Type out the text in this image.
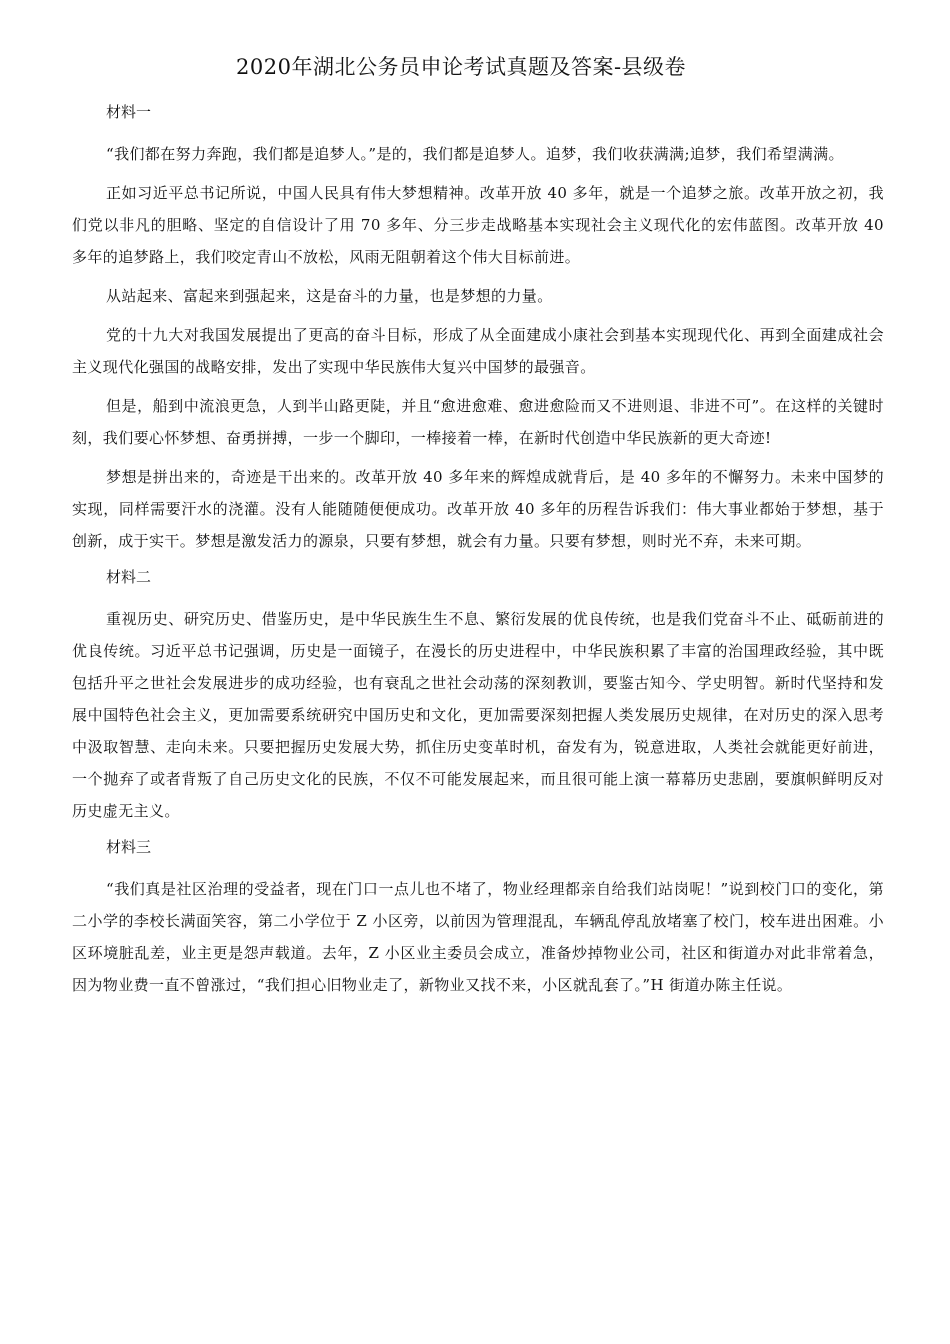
2020年湖北公务员申论考试真题及答案-县级卷
材料一

“我们都在努力奔跑，我们都是追梦人。”是的，我们都是追梦人。追梦，我们收获满满;追梦，我们希望满满。

正如习近平总书记所说，中国人民具有伟大梦想精神。改革开放 40 多年，就是一个追梦之旅。改革开放之初，我们党以非凡的胆略、坚定的自信设计了用 70 多年、分三步走战略基本实现社会主义现代化的宏伟蓝图。改革开放 40 多年的追梦路上，我们咬定青山不放松，风雨无阻朝着这个伟大目标前进。

从站起来、富起来到强起来，这是奋斗的力量，也是梦想的力量。

党的十九大对我国发展提出了更高的奋斗目标，形成了从全面建成小康社会到基本实现现代化、再到全面建成社会主义现代化强国的战略安排，发出了实现中华民族伟大复兴中国梦的最强音。

但是，船到中流浪更急，人到半山路更陡，并且“愈进愈难、愈进愈险而又不进则退、非进不可”。在这样的关键时刻，我们要心怀梦想、奋勇拼搏，一步一个脚印，一棒接着一棒，在新时代创造中华民族新的更大奇迹!

梦想是拼出来的，奇迹是干出来的。改革开放 40 多年来的辉煌成就背后，是 40 多年的不懈努力。未来中国梦的实现，同样需要汗水的浇灌。没有人能随随便便成功。改革开放 40 多年的历程告诉我们：伟大事业都始于梦想，基于创新，成于实干。梦想是激发活力的源泉，只要有梦想，就会有力量。只要有梦想，则时光不弃，未来可期。

材料二

重视历史、研究历史、借鉴历史，是中华民族生生不息、繁衍发展的优良传统，也是我们党奋斗不止、砥砺前进的优良传统。习近平总书记强调，历史是一面镜子，在漫长的历史进程中，中华民族积累了丰富的治国理政经验，其中既包括升平之世社会发展进步的成功经验，也有衰乱之世社会动荡的深刻教训，要鉴古知今、学史明智。新时代坚持和发展中国特色社会主义，更加需要系统研究中国历史和文化，更加需要深刻把握人类发展历史规律，在对历史的深入思考中汲取智慧、走向未来。只要把握历史发展大势，抓住历史变革时机，奋发有为，锐意进取，人类社会就能更好前进，一个抛弃了或者背叛了自己历史文化的民族，不仅不可能发展起来，而且很可能上演一幕幕历史悲剧，要旗帜鲜明反对历史虚无主义。

材料三

“我们真是社区治理的受益者，现在门口一点儿也不堵了，物业经理都亲自给我们站岗呢！”说到校门口的变化，第二小学的李校长满面笑容，第二小学位于 Z 小区旁，以前因为管理混乱，车辆乱停乱放堵塞了校门，校车进出困难。小区环境脏乱差，业主更是怨声载道。去年，Z 小区业主委员会成立，准备炒掉物业公司，社区和街道办对此非常着急，因为物业费一直不曾涨过，“我们担心旧物业走了，新物业又找不来，小区就乱套了。”H 街道办陈主任说。
